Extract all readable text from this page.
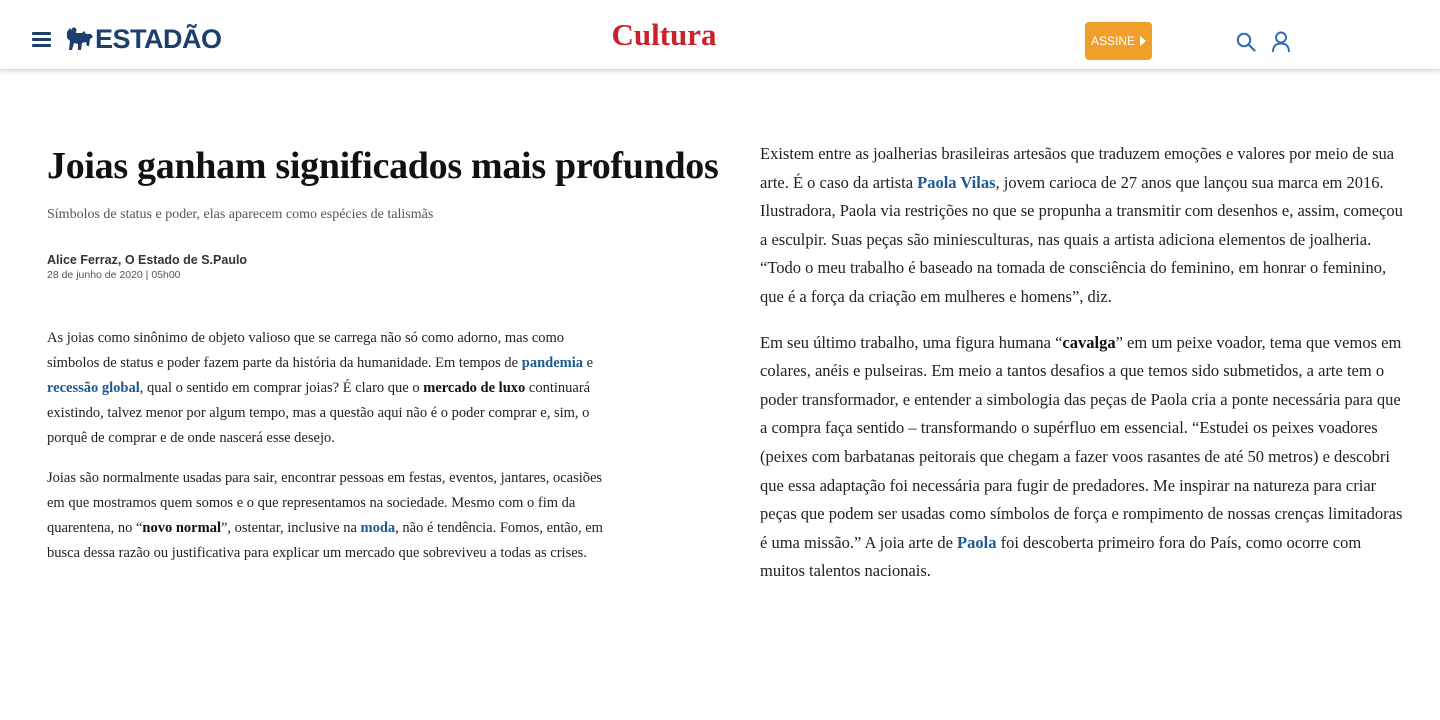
ESTADÃO	Cultura	ASSINE
Joias ganham significados mais profundos
Símbolos de status e poder, elas aparecem como espécies de talismãs
Alice Ferraz, O Estado de S.Paulo
28 de junho de 2020 | 05h00

As joias como sinônimo de objeto valioso que se carrega não só como adorno, mas como símbolos de status e poder fazem parte da história da humanidade. Em tempos de pandemia e recessão global, qual o sentido em comprar joias? É claro que o mercado de luxo continuará existindo, talvez menor por algum tempo, mas a questão aqui não é o poder comprar e, sim, o porquê de comprar e de onde nascerá esse desejo.

Joias são normalmente usadas para sair, encontrar pessoas em festas, eventos, jantares, ocasiões em que mostramos quem somos e o que representamos na sociedade. Mesmo com o fim da quarentena, no “novo normal”, ostentar, inclusive na moda, não é tendência. Fomos, então, em busca dessa razão ou justificativa para explicar um mercado que sobreviveu a todas as crises.

Existem entre as joalherias brasileiras artesãos que traduzem emoções e valores por meio de sua arte. É o caso da artista Paola Vilas, jovem carioca de 27 anos que lançou sua marca em 2016. Ilustradora, Paola via restrições no que se propunha a transmitir com desenhos e, assim, começou a esculpir. Suas peças são miniesculturas, nas quais a artista adiciona elementos de joalheria. “Todo o meu trabalho é baseado na tomada de consciência do feminino, em honrar o feminino, que é a força da criação em mulheres e homens”, diz.

Em seu último trabalho, uma figura humana “cavalga” em um peixe voador, tema que vemos em colares, anéis e pulseiras. Em meio a tantos desafios a que temos sido submetidos, a arte tem o poder transformador, e entender a simbologia das peças de Paola cria a ponte necessária para que a compra faça sentido – transformando o supérfluo em essencial. “Estudei os peixes voadores (peixes com barbatanas peitorais que chegam a fazer voos rasantes de até 50 metros) e descobri que essa adaptação foi necessária para fugir de predadores. Me inspirar na natureza para criar peças que podem ser usadas como símbolos de força e rompimento de nossas crenças limitadoras é uma missão.” A joia arte de Paola foi descoberta primeiro fora do País, como ocorre com muitos talentos nacionais.
